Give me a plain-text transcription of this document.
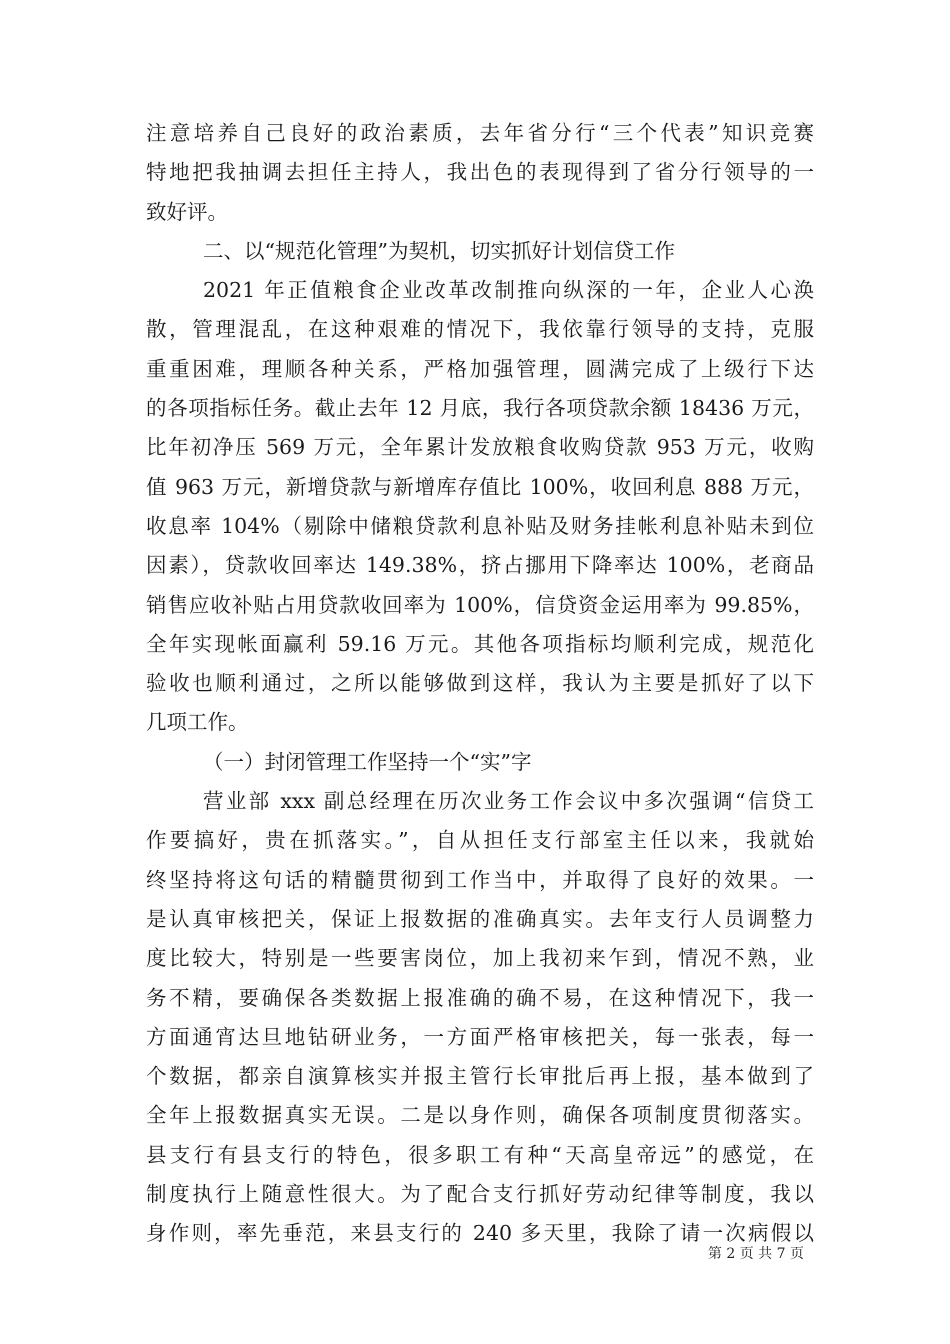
注意培养自己良好的政治素质，去年省分行“三个代表”知识竞赛
特地把我抽调去担任主持人，我出色的表现得到了省分行领导的一
致好评。
二、以“规范化管理”为契机，切实抓好计划信贷工作
2021 年正值粮食企业改革改制推向纵深的一年，企业人心涣
散，管理混乱，在这种艰难的情况下，我依靠行领导的支持，克服
重重困难，理顺各种关系，严格加强管理，圆满完成了上级行下达
的各项指标任务。截止去年 12 月底，我行各项贷款余额 18436 万元，
比年初净压 569 万元，全年累计发放粮食收购贷款 953 万元，收购
值 963 万元，新增贷款与新增库存值比 100%，收回利息 888 万元，
收息率 104%（剔除中储粮贷款利息补贴及财务挂帐利息补贴未到位
因素），贷款收回率达 149.38%，挤占挪用下降率达 100%，老商品
销售应收补贴占用贷款收回率为 100%，信贷资金运用率为 99.85%，
全年实现帐面赢利 59.16 万元。其他各项指标均顺利完成，规范化
验收也顺利通过，之所以能够做到这样，我认为主要是抓好了以下
几项工作。
（一）封闭管理工作坚持一个“实”字
营业部 xxx 副总经理在历次业务工作会议中多次强调“信贷工
作要搞好，贵在抓落实。”，自从担任支行部室主任以来，我就始
终坚持将这句话的精髓贯彻到工作当中，并取得了良好的效果。一
是认真审核把关，保证上报数据的准确真实。去年支行人员调整力
度比较大，特别是一些要害岗位，加上我初来乍到，情况不熟，业
务不精，要确保各类数据上报准确的确不易，在这种情况下，我一
方面通宵达旦地钻研业务，一方面严格审核把关，每一张表，每一
个数据，都亲自演算核实并报主管行长审批后再上报，基本做到了
全年上报数据真实无误。二是以身作则，确保各项制度贯彻落实。
县支行有县支行的特色，很多职工有种“天高皇帝远”的感觉，在
制度执行上随意性很大。为了配合支行抓好劳动纪律等制度，我以
身作则，率先垂范，来县支行的 240 多天里，我除了请一次病假以
第 2 页 共 7 页
